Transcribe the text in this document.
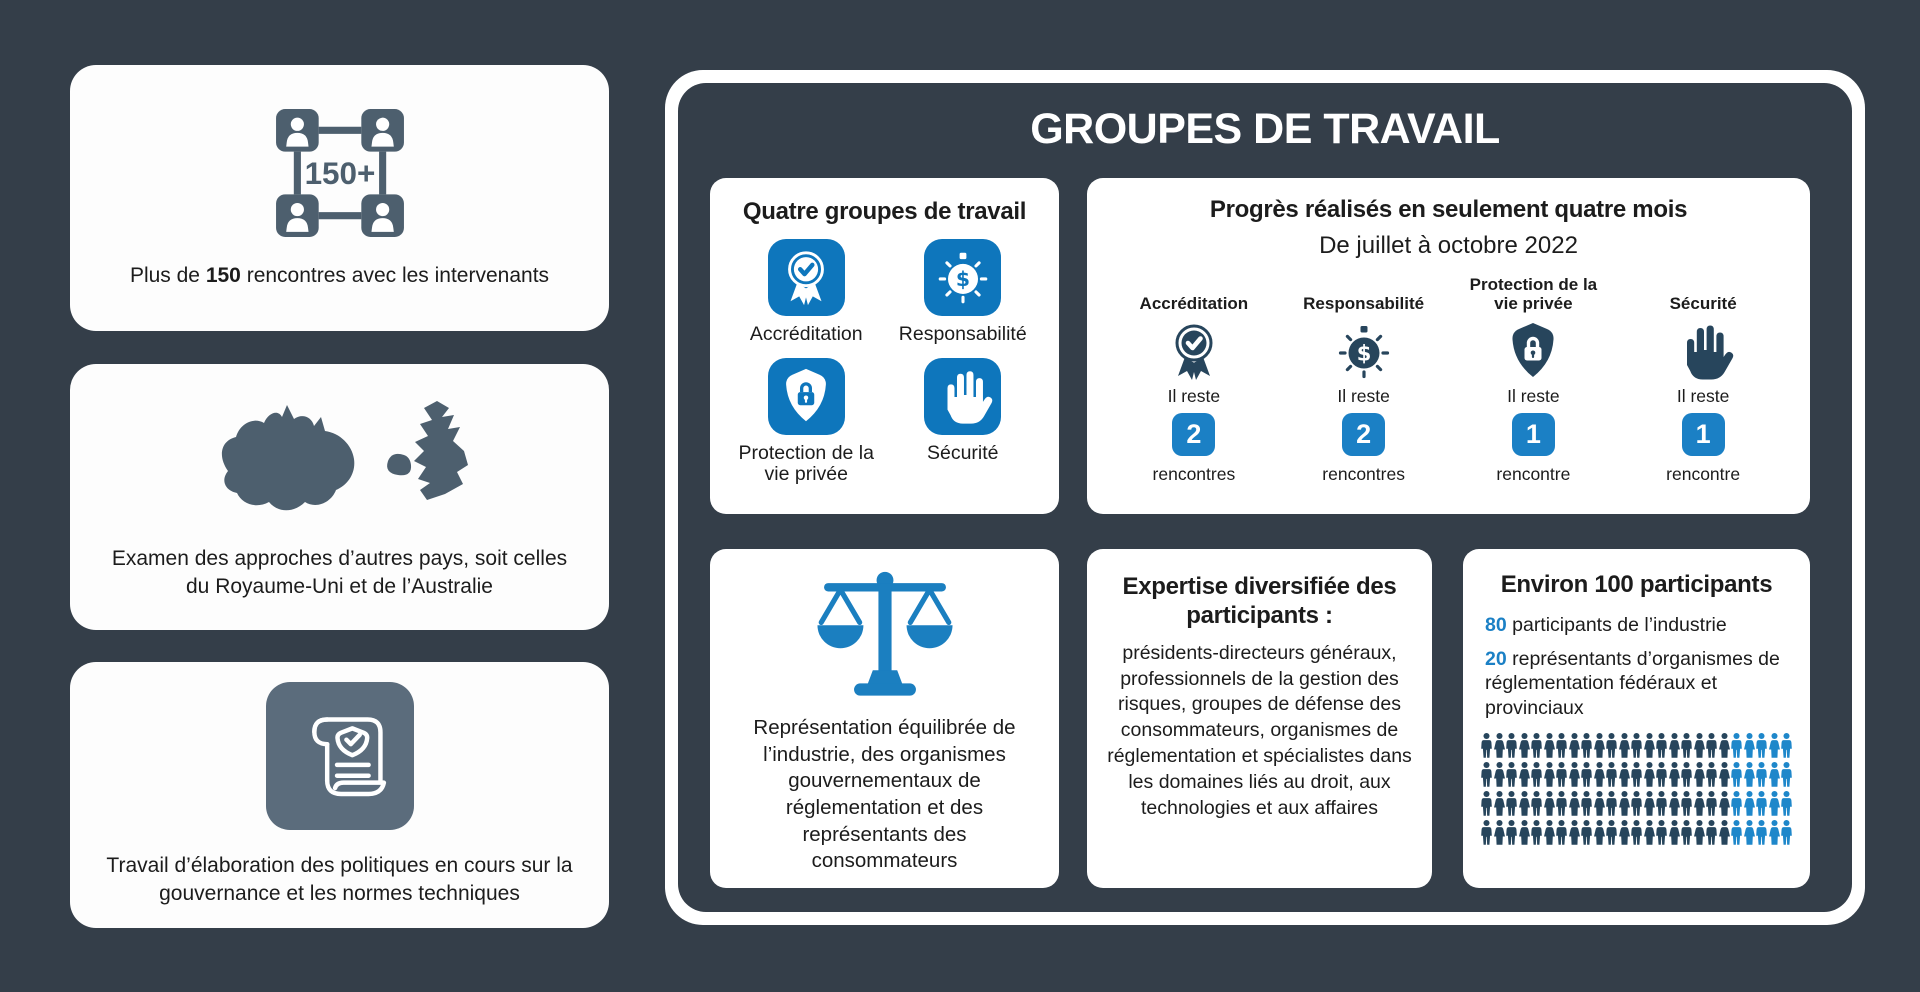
150+

Plus de 150 rencontres avec les intervenants

Examen des approches d’autres pays, soit celles du Royaume-Uni et de l’Australie

Travail d’élaboration des politiques en cours sur la gouvernance et les normes techniques

GROUPES DE TRAVAIL
Quatre groupes de travail
Accréditation Responsabilité
Protection de la vie privée
Sécurité
Progrès réalisés en seulement quatre mois

De juillet à octobre 2022

Accréditation
Il reste
2
rencontres
Responsabilité
Il reste
2
rencontres
Protection de la vie privée
Il reste
1
rencontre
Sécurité
Il reste
1
rencontre

Représentation équilibrée de l’industrie, des organismes gouvernementaux de réglementation et des représentants des consommateurs

Expertise diversifiée des participants :

présidents-directeurs généraux, professionnels de la gestion des risques, groupes de défense des consommateurs, organismes de réglementation et spécialistes dans les domaines liés au droit, aux technologies et aux affaires

Environ 100 participants

80 participants de l’industrie

20 représentants d’organismes de réglementation fédéraux et provinciaux
